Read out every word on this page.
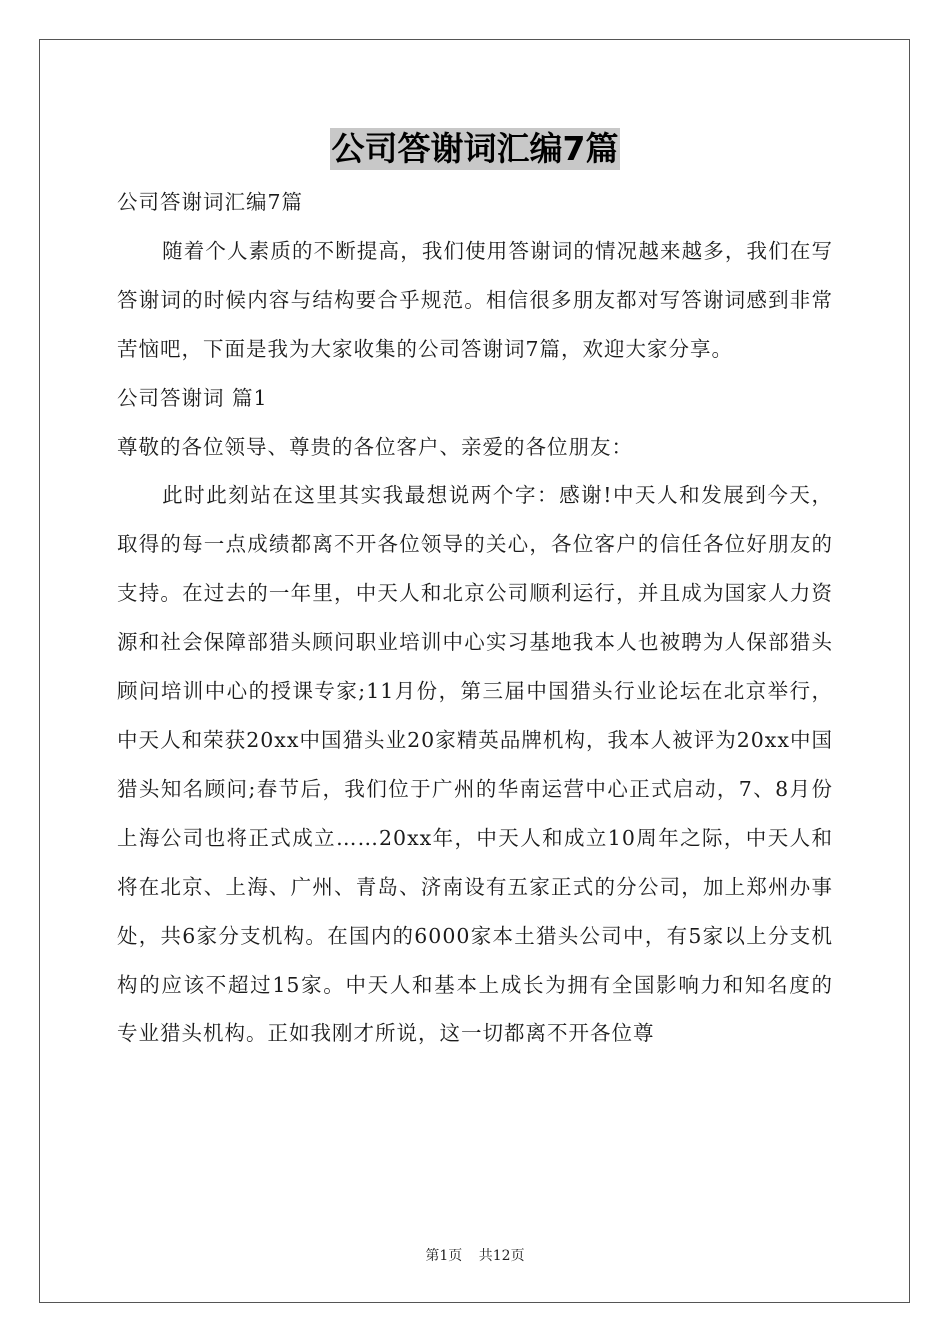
公司答谢词汇编7篇

公司答谢词汇编7篇

随着个人素质的不断提高，我们使用答谢词的情况越来越多，我们在写答谢词的时候内容与结构要合乎规范。相信很多朋友都对写答谢词感到非常苦恼吧，下面是我为大家收集的公司答谢词7篇，欢迎大家分享。

公司答谢词 篇1

尊敬的各位领导、尊贵的各位客户、亲爱的各位朋友：

此时此刻站在这里其实我最想说两个字：感谢!中天人和发展到今天，取得的每一点成绩都离不开各位领导的关心，各位客户的信任各位好朋友的支持。在过去的一年里，中天人和北京公司顺利运行，并且成为国家人力资源和社会保障部猎头顾问职业培训中心实习基地我本人也被聘为人保部猎头顾问培训中心的授课专家;11月份，第三届中国猎头行业论坛在北京举行，中天人和荣获20xx中国猎头业20家精英品牌机构，我本人被评为20xx中国猎头知名顾问;春节后，我们位于广州的华南运营中心正式启动，7、8月份上海公司也将正式成立……20xx年，中天人和成立10周年之际，中天人和将在北京、上海、广州、青岛、济南设有五家正式的分公司，加上郑州办事处，共6家分支机构。在国内的6000家本土猎头公司中，有5家以上分支机构的应该不超过15家。中天人和基本上成长为拥有全国影响力和知名度的专业猎头机构。正如我刚才所说，这一切都离不开各位尊

第1页 共12页
